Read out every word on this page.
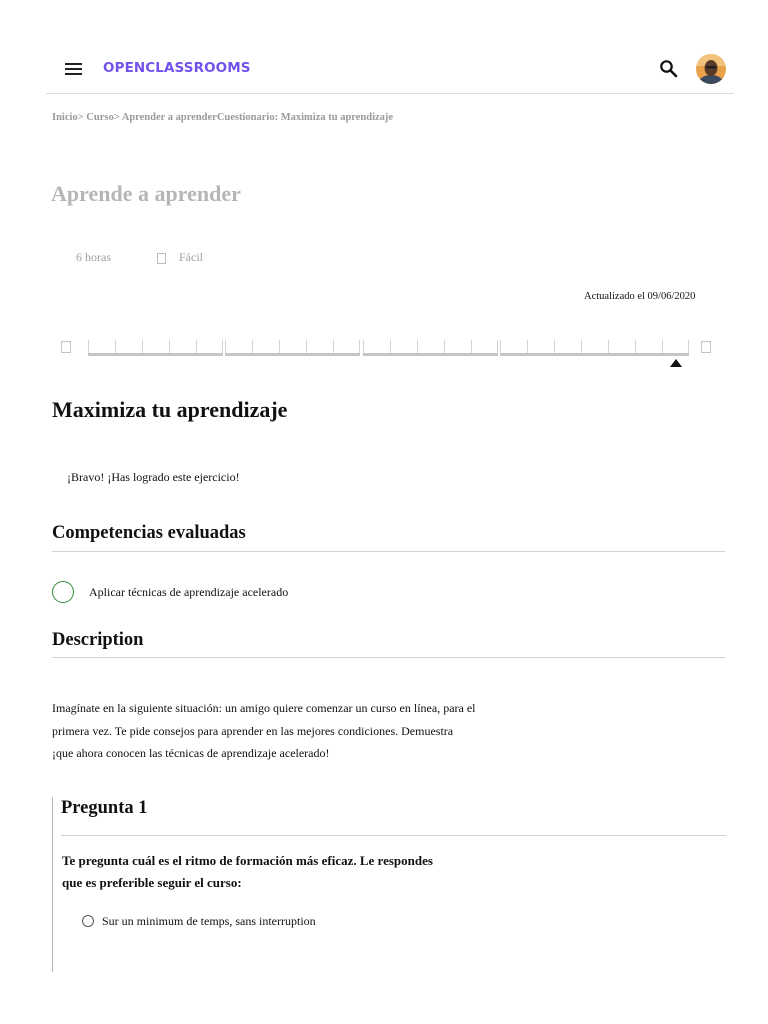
OPENCLASSROOMS
Inicio> Curso> Aprender a aprenderCuestionario: Maximiza tu aprendizaje
Aprende a aprender
6 horas	Fácil
Actualizado el 09/06/2020
Maximiza tu aprendizaje
¡Bravo! ¡Has logrado este ejercicio!
Competencias evaluadas
Aplicar técnicas de aprendizaje acelerado
Description

Imagínate en la siguiente situación: un amigo quiere comenzar un curso en línea, para el

primera vez. Te pide consejos para aprender en las mejores condiciones. Demuestra

¡que ahora conocen las técnicas de aprendizaje acelerado!

Pregunta 1

Te pregunta cuál es el ritmo de formación más eficaz. Le respondes

que es preferible seguir el curso:

Sur un minimum de temps, sans interruption
